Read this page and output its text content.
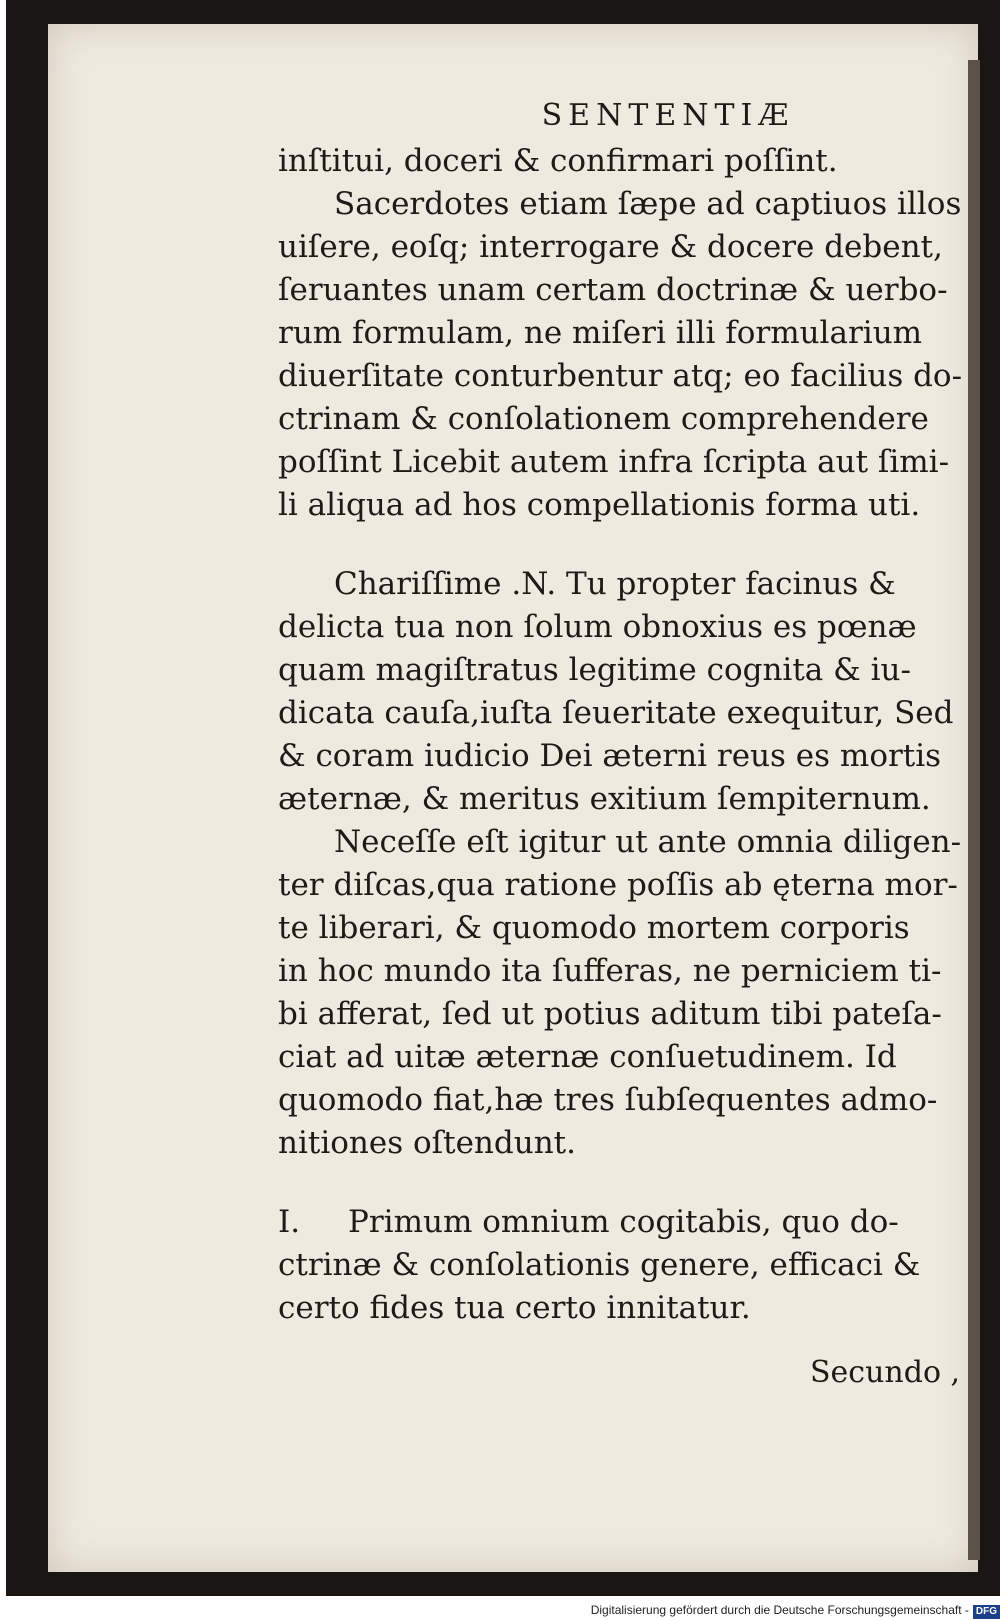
SENTENTIÆ

inſtitui, doceri & confirmari poſſint.

Sacerdotes etiam ſæpe ad captiuos illos
uiſere, eoſq; interrogare & docere debent,
ſeruantes unam certam doctrinæ & uerbo-
rum formulam, ne miſeri illi formularium
diuerſitate conturbentur atq; eo facilius do-
ctrinam & conſolationem comprehendere
poſſint Licebit autem infra ſcripta aut ſimi-
li aliqua ad hos compellationis forma uti.

Chariſſime .N. Tu propter facinus &
delicta tua non ſolum obnoxius es pœnæ
quam magiſtratus legitime cognita & iu-
dicata cauſa,iuſta ſeueritate exequitur, Sed
& coram iudicio Dei æterni reus es mortis
æternæ, & meritus exitium ſempiternum.

Neceſſe eſt igitur ut ante omnia diligen-
ter diſcas,qua ratione poſſis ab ęterna mor-
te liberari, & quomodo mortem corporis
in hoc mundo ita ſufferas, ne perniciem ti-
bi afferat, ſed ut potius aditum tibi pateſa-
ciat ad uitæ æternæ conſuetudinem. Id
quomodo fiat,hæ tres ſubſequentes admo-
nitiones oſtendunt.

I. Primum omnium cogitabis, quo do-
ctrinæ & conſolationis genere, efficaci &
certo fides tua certo innitatur.
Secundo ,
Digitalisierung gefördert durch die Deutsche Forschungsgemeinschaft - DFG
